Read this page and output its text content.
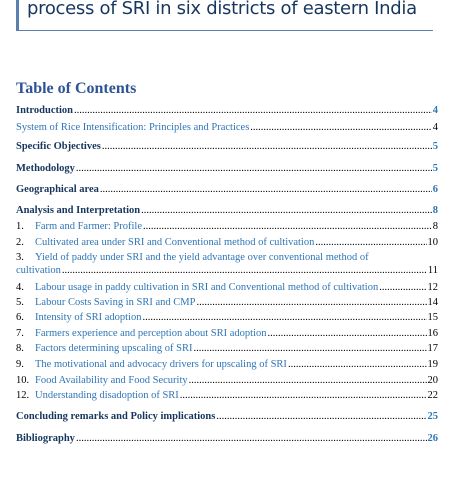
process of SRI in six districts of eastern India
Table of Contents
Introduction .....	4
System of Rice Intensification: Principles and Practices .....	4
Specific Objectives .....	5
Methodology .....	5
Geographical area .....	6
Analysis and Interpretation .....	8
1. Farm and Farmer: Profile .....	8
2. Cultivated area under SRI and Conventional method of cultivation .....	10
3. Yield of paddy under SRI and the yield advantage over conventional method of
cultivation .....	11
4. Labour usage in paddy cultivation in SRI and Conventional method of cultivation .....	12
5. Labour Costs Saving in SRI and CMP .....	14
6. Intensity of SRI adoption .....	15
7. Farmers experience and perception about SRI adoption .....	16
8. Factors determining upscaling of SRI .....	17
9. The motivational and advocacy drivers for upscaling of SRI .....	19
10. Food Availability and Food Security .....	20
12. Understanding disadoption of SRI .....	22
Concluding remarks and Policy implications .....	25
Bibliography .....	26
